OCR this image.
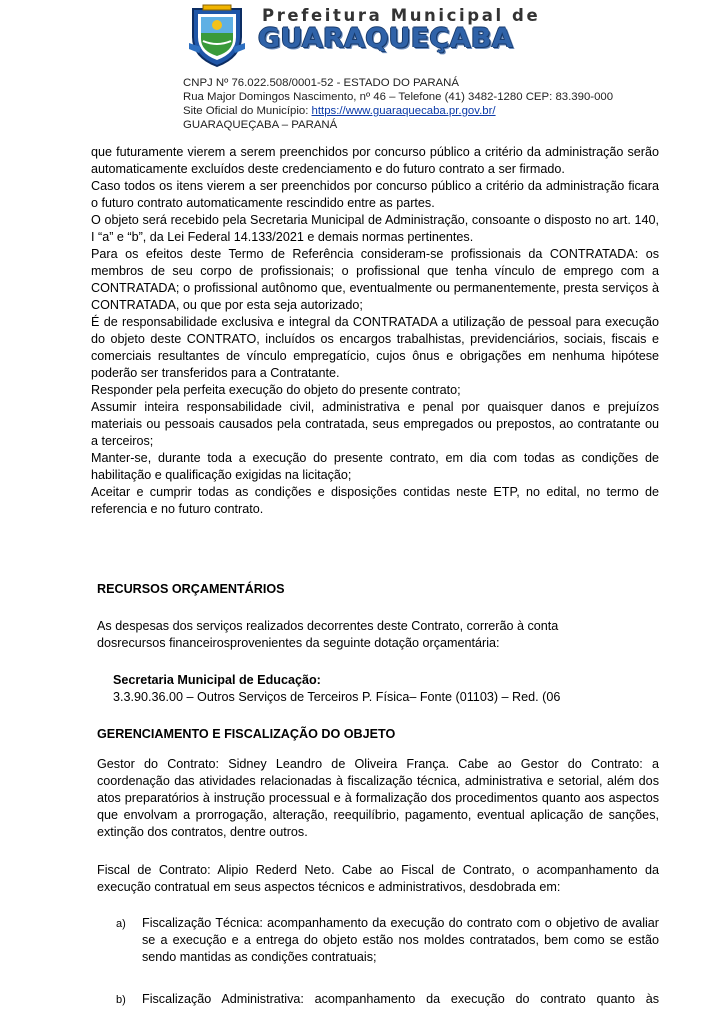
Prefeitura Municipal de
GUARAQUEÇABA
CNPJ Nº 76.022.508/0001-52 - ESTADO DO PARANÁ
Rua Major Domingos Nascimento, nº 46 – Telefone (41) 3482-1280 CEP: 83.390-000
Site Oficial do Município: https://www.guaraquecaba.pr.gov.br/
GUARAQUEÇABA – PARANÁ

que futuramente vierem a serem preenchidos por concurso público a critério da administração serão automaticamente excluídos deste credenciamento e do futuro contrato a ser firmado.

Caso todos os itens vierem a ser preenchidos por concurso público a critério da administração ficara o futuro contrato automaticamente rescindido entre as partes.

O objeto será recebido pela Secretaria Municipal de Administração, consoante o disposto no art. 140, I “a” e “b”, da Lei Federal 14.133/2021 e demais normas pertinentes.

Para os efeitos deste Termo de Referência consideram-se profissionais da CONTRATADA: os membros de seu corpo de profissionais; o profissional que tenha vínculo de emprego com a CONTRATADA; o profissional autônomo que, eventualmente ou permanentemente, presta serviços à CONTRATADA, ou que por esta seja autorizado;

É de responsabilidade exclusiva e integral da CONTRATADA a utilização de pessoal para execução do objeto deste CONTRATO, incluídos os encargos trabalhistas, previdenciários, sociais, fiscais e comerciais resultantes de vínculo empregatício, cujos ônus e obrigações em nenhuma hipótese poderão ser transferidos para a Contratante.

Responder pela perfeita execução do objeto do presente contrato;

Assumir inteira responsabilidade civil, administrativa e penal por quaisquer danos e prejuízos materiais ou pessoais causados pela contratada, seus empregados ou prepostos, ao contratante ou a terceiros;

Manter-se, durante toda a execução do presente contrato, em dia com todas as condições de habilitação e qualificação exigidas na licitação;

Aceitar e cumprir todas as condições e disposições contidas neste ETP, no edital, no termo de referencia e no futuro contrato.

RECURSOS ORÇAMENTÁRIOS
As despesas dos serviços realizados decorrentes deste Contrato, correrão à conta
dosrecursos financeirosprovenientes da seguinte dotação orçamentária:
Secretaria Municipal de Educação:
3.3.90.36.00 – Outros Serviços de Terceiros P. Física– Fonte (01103) – Red. (06
GERENCIAMENTO E FISCALIZAÇÃO DO OBJETO
Gestor do Contrato: Sidney Leandro de Oliveira França. Cabe ao Gestor do Contrato: a coordenação das atividades relacionadas à fiscalização técnica, administrativa e setorial, além dos atos preparatórios à instrução processual e à formalização dos procedimentos quanto aos aspectos que envolvam a prorrogação, alteração, reequilíbrio, pagamento, eventual aplicação de sanções, extinção dos contratos, dentre outros.
Fiscal de Contrato: Alipio Rederd Neto. Cabe ao Fiscal de Contrato, o acompanhamento da execução contratual em seus aspectos técnicos e administrativos, desdobrada em:
a) Fiscalização Técnica: acompanhamento da execução do contrato com o objetivo de avaliar se a execução e a entrega do objeto estão nos moldes contratados, bem como se estão sendo mantidas as condições contratuais;
b) Fiscalização Administrativa: acompanhamento da execução do contrato quanto às
